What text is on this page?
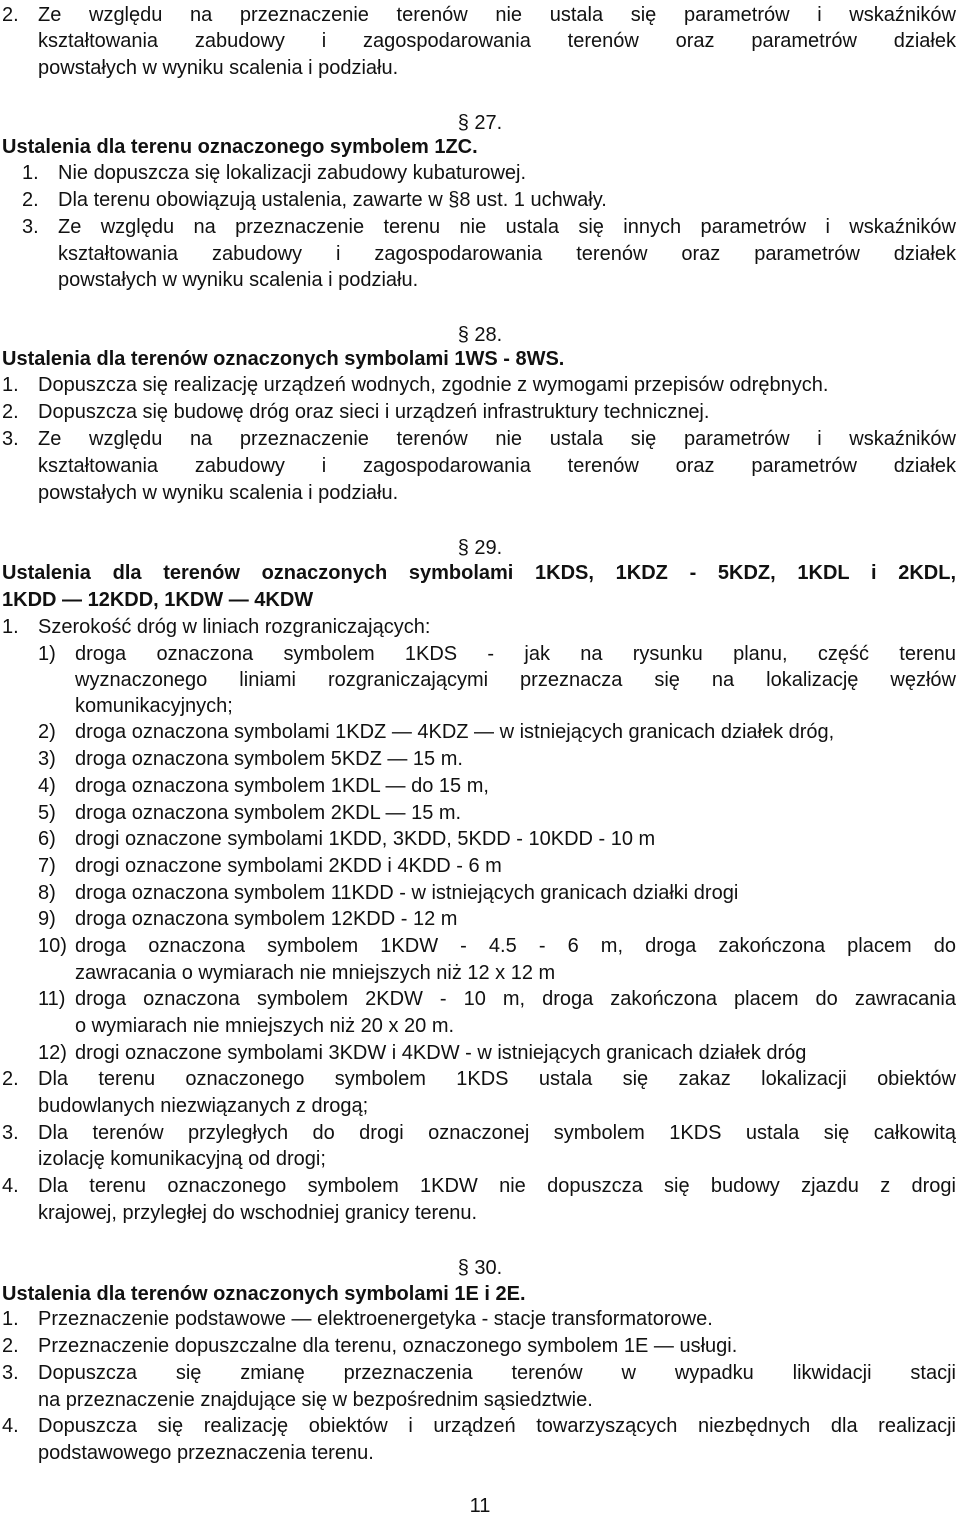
2. Ze względu na przeznaczenie terenów nie ustala się parametrów i wskaźników
kształtowania zabudowy i zagospodarowania terenów oraz parametrów działek
powstałych w wyniku scalenia i podziału.
§ 27.
Ustalenia dla terenu oznaczonego symbolem 1ZC.
1. Nie dopuszcza się lokalizacji zabudowy kubaturowej.
2. Dla terenu obowiązują ustalenia, zawarte w §8 ust. 1 uchwały.
3. Ze względu na przeznaczenie terenu nie ustala się innych parametrów i wskaźników
kształtowania zabudowy i zagospodarowania terenów oraz parametrów działek
powstałych w wyniku scalenia i podziału.
§ 28.
Ustalenia dla terenów oznaczonych symbolami 1WS - 8WS.
1. Dopuszcza się realizację urządzeń wodnych, zgodnie z wymogami przepisów odrębnych.
2. Dopuszcza się budowę dróg oraz sieci i urządzeń infrastruktury technicznej.
3. Ze względu na przeznaczenie terenów nie ustala się parametrów i wskaźników
kształtowania zabudowy i zagospodarowania terenów oraz parametrów działek
powstałych w wyniku scalenia i podziału.
§ 29.
Ustalenia dla terenów oznaczonych symbolami 1KDS, 1KDZ - 5KDZ, 1KDL i 2KDL,
1KDD — 12KDD, 1KDW — 4KDW
1. Szerokość dróg w liniach rozgraniczających:
1) droga oznaczona symbolem 1KDS - jak na rysunku planu, część terenu
wyznaczonego liniami rozgraniczającymi przeznacza się na lokalizację węzłów
komunikacyjnych;
2) droga oznaczona symbolami 1KDZ — 4KDZ — w istniejących granicach działek dróg,
3) droga oznaczona symbolem 5KDZ — 15 m.
4) droga oznaczona symbolem 1KDL — do 15 m,
5) droga oznaczona symbolem 2KDL — 15 m.
6) drogi oznaczone symbolami 1KDD, 3KDD, 5KDD - 10KDD - 10 m
7) drogi oznaczone symbolami 2KDD i 4KDD - 6 m
8) droga oznaczona symbolem 11KDD - w istniejących granicach działki drogi
9) droga oznaczona symbolem 12KDD - 12 m
10) droga oznaczona symbolem 1KDW - 4.5 - 6 m, droga zakończona placem do
zawracania o wymiarach nie mniejszych niż 12 x 12 m
11) droga oznaczona symbolem 2KDW - 10 m, droga zakończona placem do zawracania
o wymiarach nie mniejszych niż 20 x 20 m.
12) drogi oznaczone symbolami 3KDW i 4KDW - w istniejących granicach działek dróg
2. Dla terenu oznaczonego symbolem 1KDS ustala się zakaz lokalizacji obiektów
budowlanych niezwiązanych z drogą;
3. Dla terenów przyległych do drogi oznaczonej symbolem 1KDS ustala się całkowitą
izolację komunikacyjną od drogi;
4. Dla terenu oznaczonego symbolem 1KDW nie dopuszcza się budowy zjazdu z drogi
krajowej, przyległej do wschodniej granicy terenu.
§ 30.
Ustalenia dla terenów oznaczonych symbolami 1E i 2E.
1. Przeznaczenie podstawowe — elektroenergetyka - stacje transformatorowe.
2. Przeznaczenie dopuszczalne dla terenu, oznaczonego symbolem 1E — usługi.
3. Dopuszcza się zmianę przeznaczenia terenów w wypadku likwidacji stacji
na przeznaczenie znajdujące się w bezpośrednim sąsiedztwie.
4. Dopuszcza się realizację obiektów i urządzeń towarzyszących niezbędnych dla realizacji
podstawowego przeznaczenia terenu.
11
